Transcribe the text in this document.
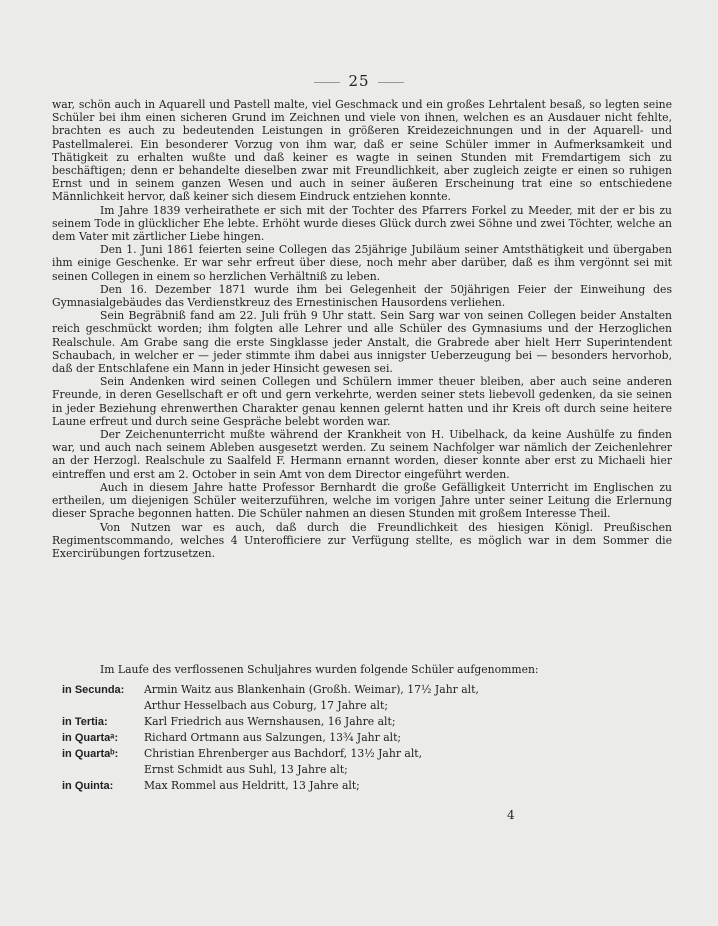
25

war, schön auch in Aquarell und Pastell malte, viel Geschmack und ein großes Lehrtalent besaß, so legten seine Schüler bei ihm einen sicheren Grund im Zeichnen und viele von ihnen, welchen es an Ausdauer nicht fehlte, brachten es auch zu bedeutenden Leistungen in größeren Kreidezeichnungen und in der Aquarell- und Pastellmalerei. Ein besonderer Vorzug von ihm war, daß er seine Schüler immer in Aufmerksamkeit und Thätigkeit zu erhalten wußte und daß keiner es wagte in seinen Stunden mit Fremdartigem sich zu beschäftigen; denn er behandelte dieselben zwar mit Freundlichkeit, aber zugleich zeigte er einen so ruhigen Ernst und in seinem ganzen Wesen und auch in seiner äußeren Erscheinung trat eine so entschiedene Männlichkeit hervor, daß keiner sich diesem Eindruck entziehen konnte.

Im Jahre 1839 verheirathete er sich mit der Tochter des Pfarrers Forkel zu Meeder, mit der er bis zu seinem Tode in glücklicher Ehe lebte. Erhöht wurde dieses Glück durch zwei Söhne und zwei Töchter, welche an dem Vater mit zärtlicher Liebe hingen.

Den 1. Juni 1861 feierten seine Collegen das 25jährige Jubiläum seiner Amtsthätigkeit und übergaben ihm einige Geschenke. Er war sehr erfreut über diese, noch mehr aber darüber, daß es ihm vergönnt sei mit seinen Collegen in einem so herzlichen Verhältniß zu leben.

Den 16. Dezember 1871 wurde ihm bei Gelegenheit der 50jährigen Feier der Einweihung des Gymnasialgebäudes das Verdienstkreuz des Ernestinischen Hausordens verliehen.

Sein Begräbniß fand am 22. Juli früh 9 Uhr statt. Sein Sarg war von seinen Collegen beider Anstalten reich geschmückt worden; ihm folgten alle Lehrer und alle Schüler des Gymnasiums und der Herzoglichen Realschule. Am Grabe sang die erste Singklasse jeder Anstalt, die Grabrede aber hielt Herr Superintendent Schaubach, in welcher er — jeder stimmte ihm dabei aus innigster Ueberzeugung bei — besonders hervorhob, daß der Entschlafene ein Mann in jeder Hinsicht gewesen sei.

Sein Andenken wird seinen Collegen und Schülern immer theuer bleiben, aber auch seine anderen Freunde, in deren Gesellschaft er oft und gern verkehrte, werden seiner stets liebevoll gedenken, da sie seinen in jeder Beziehung ehrenwerthen Charakter genau kennen gelernt hatten und ihr Kreis oft durch seine heitere Laune erfreut und durch seine Gespräche belebt worden war.

Der Zeichenunterricht mußte während der Krankheit von H. Uibelhack, da keine Aushülfe zu finden war, und auch nach seinem Ableben ausgesetzt werden. Zu seinem Nachfolger war nämlich der Zeichenlehrer an der Herzogl. Realschule zu Saalfeld F. Hermann ernannt worden, dieser konnte aber erst zu Michaeli hier eintreffen und erst am 2. October in sein Amt von dem Director eingeführt werden.

Auch in diesem Jahre hatte Professor Bernhardt die große Gefälligkeit Unterricht im Englischen zu ertheilen, um diejenigen Schüler weiterzuführen, welche im vorigen Jahre unter seiner Leitung die Erlernung dieser Sprache begonnen hatten. Die Schüler nahmen an diesen Stunden mit großem Interesse Theil.

Von Nutzen war es auch, daß durch die Freundlichkeit des hiesigen Königl. Preußischen Regimentscommando, welches 4 Unterofficiere zur Verfügung stellte, es möglich war in dem Sommer die Exercirübungen fortzusetzen.

Im Laufe des verflossenen Schuljahres wurden folgende Schüler aufgenommen:

in Secunda:	Armin Waitz aus Blankenhain (Großh. Weimar), 17½ Jahr alt,
Arthur Hesselbach aus Coburg, 17 Jahre alt;
in Tertia:	Karl Friedrich aus Wernshausen, 16 Jahre alt;
in Quartaᵃ:	Richard Ortmann aus Salzungen, 13¾ Jahr alt;
in Quartaᵇ:	Christian Ehrenberger aus Bachdorf, 13½ Jahr alt,
Ernst Schmidt aus Suhl, 13 Jahre alt;
in Quinta:	Max Rommel aus Heldritt, 13 Jahre alt;
4
